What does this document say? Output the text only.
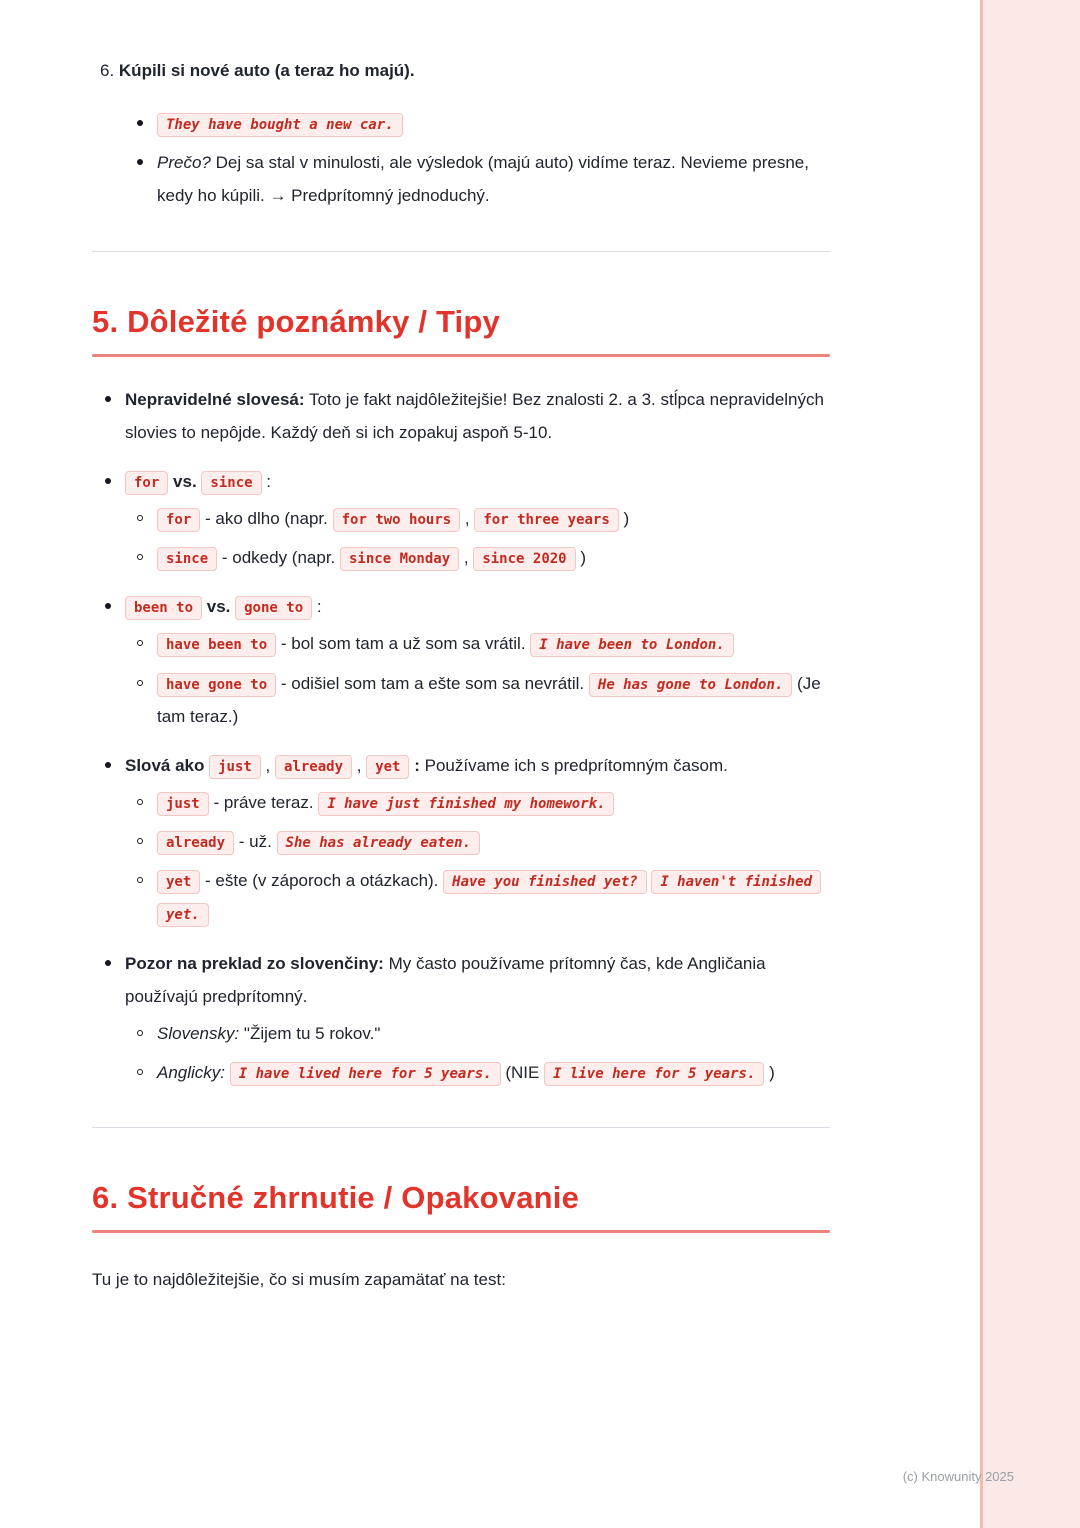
6. Kúpili si nové auto (a teraz ho majú).

They have bought a new car.
Prečo? Dej sa stal v minulosti, ale výsledok (majú auto) vidíme teraz. Nevieme presne, kedy ho kúpili. → Predprítomný jednoduchý.
5. Dôležité poznámky / Tipy
Nepravidelné slovesá: Toto je fakt najdôležitejšie! Bez znalosti 2. a 3. stĺpca nepravidelných slovies to nepôjde. Každý deň si ich zopakuj aspoň 5-10.
for vs. since :
for - ako dlho (napr. for two hours , for three years )
since - odkedy (napr. since Monday , since 2020 )
been to vs. gone to :
have been to - bol som tam a už som sa vrátil. I have been to London.
have gone to - odišiel som tam a ešte som sa nevrátil. He has gone to London. (Je tam teraz.)
Slová ako just , already , yet : Používame ich s predprítomným časom.
just - práve teraz. I have just finished my homework.
already - už. She has already eaten.
yet - ešte (v záporoch a otázkach). Have you finished yet? I haven't finished yet.
Pozor na preklad zo slovenčiny: My často používame prítomný čas, kde Angličania používajú predprítomný.
Slovensky: "Žijem tu 5 rokov."
Anglicky: I have lived here for 5 years. (NIE I live here for 5 years. )
6. Stručné zhrnutie / Opakovanie

Tu je to najdôležitejšie, čo si musím zapamätať na test:

(c) Knowunity 2025
